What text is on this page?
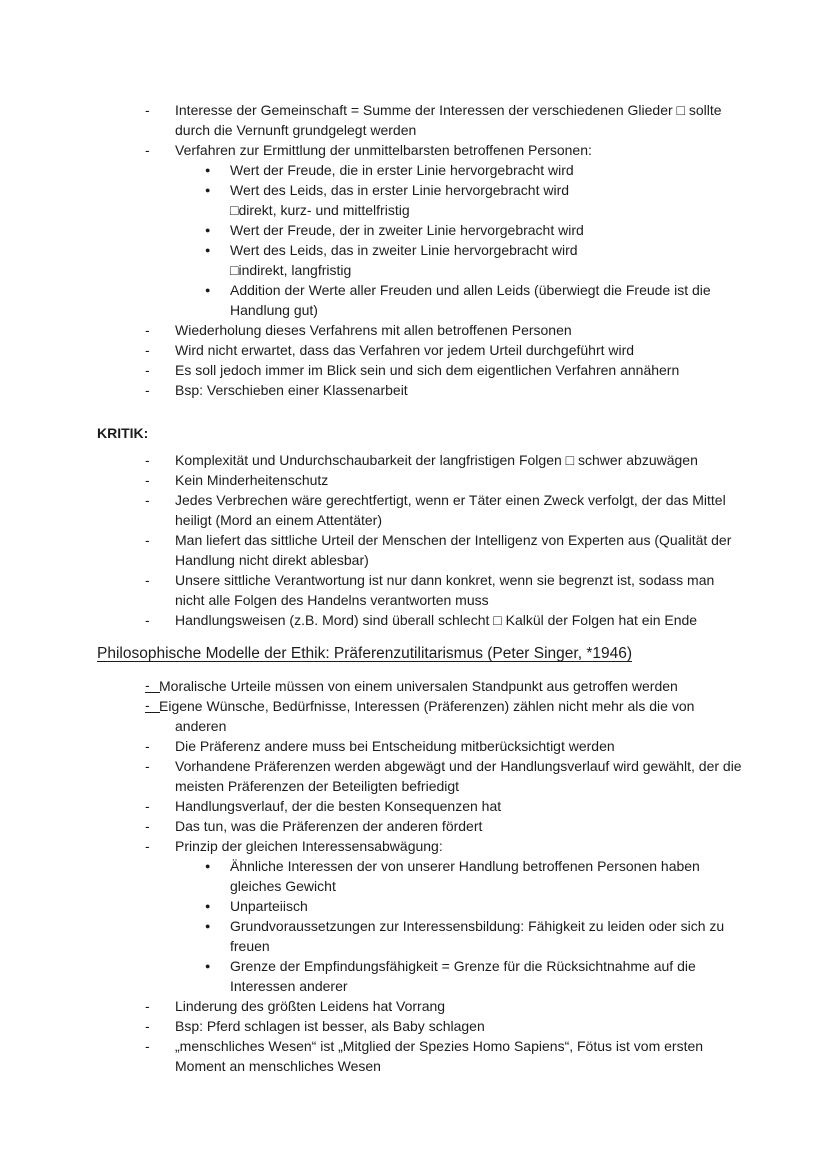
- Interesse der Gemeinschaft = Summe der Interessen der verschiedenen Glieder □ sollte durch die Vernunft grundgelegt werden
- Verfahren zur Ermittlung der unmittelbarsten betroffenen Personen:
● Wert der Freude, die in erster Linie hervorgebracht wird
● Wert des Leids, das in erster Linie hervorgebracht wird
□direkt, kurz- und mittelfristig
● Wert der Freude, der in zweiter Linie hervorgebracht wird
● Wert des Leids, das in zweiter Linie hervorgebracht wird
□indirekt, langfristig
● Addition der Werte aller Freuden und allen Leids (überwiegt die Freude ist die Handlung gut)
- Wiederholung dieses Verfahrens mit allen betroffenen Personen
- Wird nicht erwartet, dass das Verfahren vor jedem Urteil durchgeführt wird
- Es soll jedoch immer im Blick sein und sich dem eigentlichen Verfahren annähern
- Bsp: Verschieben einer Klassenarbeit
KRITIK:
- Komplexität und Undurchschaubarkeit der langfristigen Folgen □ schwer abzuwägen
- Kein Minderheitenschutz
- Jedes Verbrechen wäre gerechtfertigt, wenn er Täter einen Zweck verfolgt, der das Mittel heiligt (Mord an einem Attentäter)
- Man liefert das sittliche Urteil der Menschen der Intelligenz von Experten aus (Qualität der Handlung nicht direkt ablesbar)
- Unsere sittliche Verantwortung ist nur dann konkret, wenn sie begrenzt ist, sodass man nicht alle Folgen des Handelns verantworten muss
- Handlungsweisen (z.B. Mord) sind überall schlecht □ Kalkül der Folgen hat ein Ende
Philosophische Modelle der Ethik: Präferenzutilitarismus (Peter Singer, *1946)
- Moralische Urteile müssen von einem universalen Standpunkt aus getroffen werden
- Eigene Wünsche, Bedürfnisse, Interessen (Präferenzen) zählen nicht mehr als die von anderen
- Die Präferenz andere muss bei Entscheidung mitberücksichtigt werden
- Vorhandene Präferenzen werden abgewägt und der Handlungsverlauf wird gewählt, der die meisten Präferenzen der Beteiligten befriedigt
- Handlungsverlauf, der die besten Konsequenzen hat
- Das tun, was die Präferenzen der anderen fördert
- Prinzip der gleichen Interessensabwägung:
● Ähnliche Interessen der von unserer Handlung betroffenen Personen haben gleiches Gewicht
● Unparteiisch
● Grundvoraussetzungen zur Interessensbildung: Fähigkeit zu leiden oder sich zu freuen
● Grenze der Empfindungsfähigkeit = Grenze für die Rücksichtnahme auf die Interessen anderer
- Linderung des größten Leidens hat Vorrang
- Bsp: Pferd schlagen ist besser, als Baby schlagen
- „menschliches Wesen“ ist „Mitglied der Spezies Homo Sapiens“, Fötus ist vom ersten Moment an menschliches Wesen
